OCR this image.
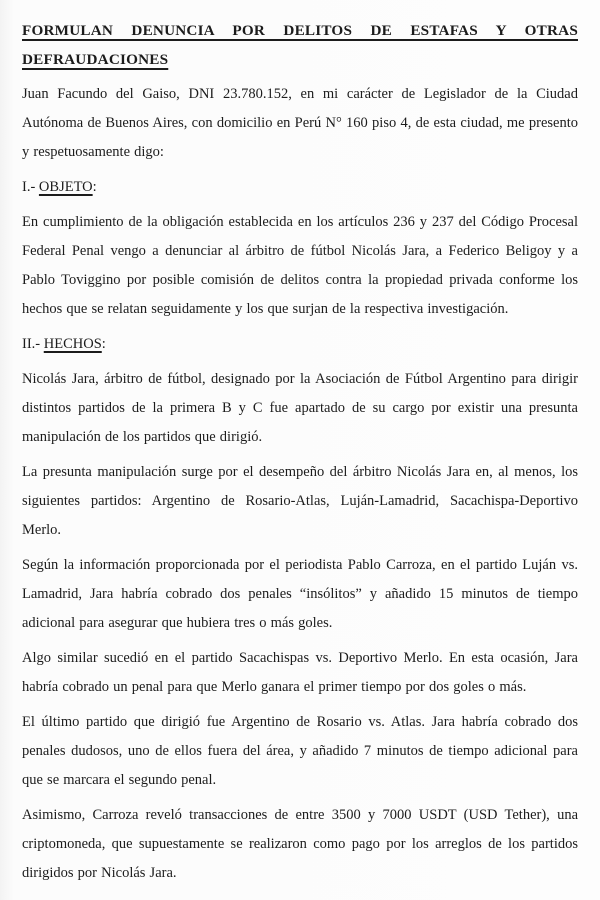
FORMULAN DENUNCIA POR DELITOS DE ESTAFAS Y OTRAS
DEFRAUDACIONES

Juan Facundo del Gaiso, DNI 23.780.152, en mi carácter de Legislador de la Ciudad Autónoma de Buenos Aires, con domicilio en Perú N° 160 piso 4, de esta ciudad, me presento y respetuosamente digo:

I.- OBJETO:

En cumplimiento de la obligación establecida en los artículos 236 y 237 del Código Procesal Federal Penal vengo a denunciar al árbitro de fútbol Nicolás Jara, a Federico Beligoy y a Pablo Toviggino por posible comisión de delitos contra la propiedad privada conforme los hechos que se relatan seguidamente y los que surjan de la respectiva investigación.

II.- HECHOS:

Nicolás Jara, árbitro de fútbol, designado por la Asociación de Fútbol Argentino para dirigir distintos partidos de la primera B y C fue apartado de su cargo por existir una presunta manipulación de los partidos que dirigió.

La presunta manipulación surge por el desempeño del árbitro Nicolás Jara en, al menos, los siguientes partidos: Argentino de Rosario-Atlas, Luján-Lamadrid, Sacachispa-Deportivo Merlo.

Según la información proporcionada por el periodista Pablo Carroza, en el partido Luján vs. Lamadrid, Jara habría cobrado dos penales “insólitos” y añadido 15 minutos de tiempo adicional para asegurar que hubiera tres o más goles.

Algo similar sucedió en el partido Sacachispas vs. Deportivo Merlo. En esta ocasión, Jara habría cobrado un penal para que Merlo ganara el primer tiempo por dos goles o más.

El último partido que dirigió fue Argentino de Rosario vs. Atlas. Jara habría cobrado dos penales dudosos, uno de ellos fuera del área, y añadido 7 minutos de tiempo adicional para que se marcara el segundo penal.

Asimismo, Carroza reveló transacciones de entre 3500 y 7000 USDT (USD Tether), una criptomoneda, que supuestamente se realizaron como pago por los arreglos de los partidos dirigidos por Nicolás Jara.
